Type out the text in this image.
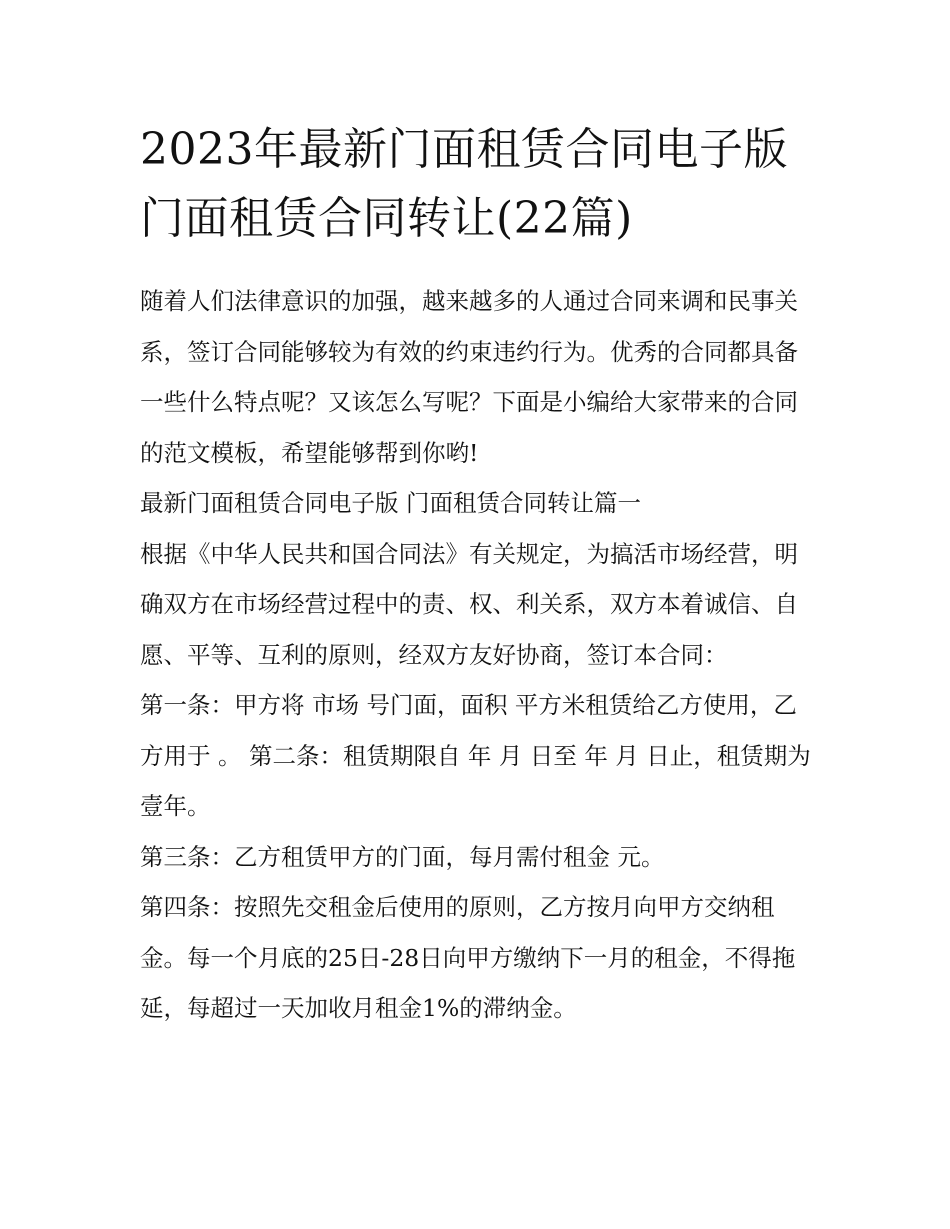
2023年最新门面租赁合同电子版 门面租赁合同转让(22篇)

随着人们法律意识的加强，越来越多的人通过合同来调和民事关系，签订合同能够较为有效的约束违约行为。优秀的合同都具备一些什么特点呢？又该怎么写呢？下面是小编给大家带来的合同的范文模板，希望能够帮到你哟!

最新门面租赁合同电子版 门面租赁合同转让篇一

根据《中华人民共和国合同法》有关规定，为搞活市场经营，明确双方在市场经营过程中的责、权、利关系，双方本着诚信、自愿、平等、互利的原则，经双方友好协商，签订本合同：

第一条：甲方将 市场 号门面，面积 平方米租赁给乙方使用，乙方用于 。 第二条：租赁期限自 年 月 日至 年 月 日止，租赁期为壹年。

第三条：乙方租赁甲方的门面，每月需付租金 元。

第四条：按照先交租金后使用的原则，乙方按月向甲方交纳租金。每一个月底的25日-28日向甲方缴纳下一月的租金，不得拖延，每超过一天加收月租金1%的滞纳金。
